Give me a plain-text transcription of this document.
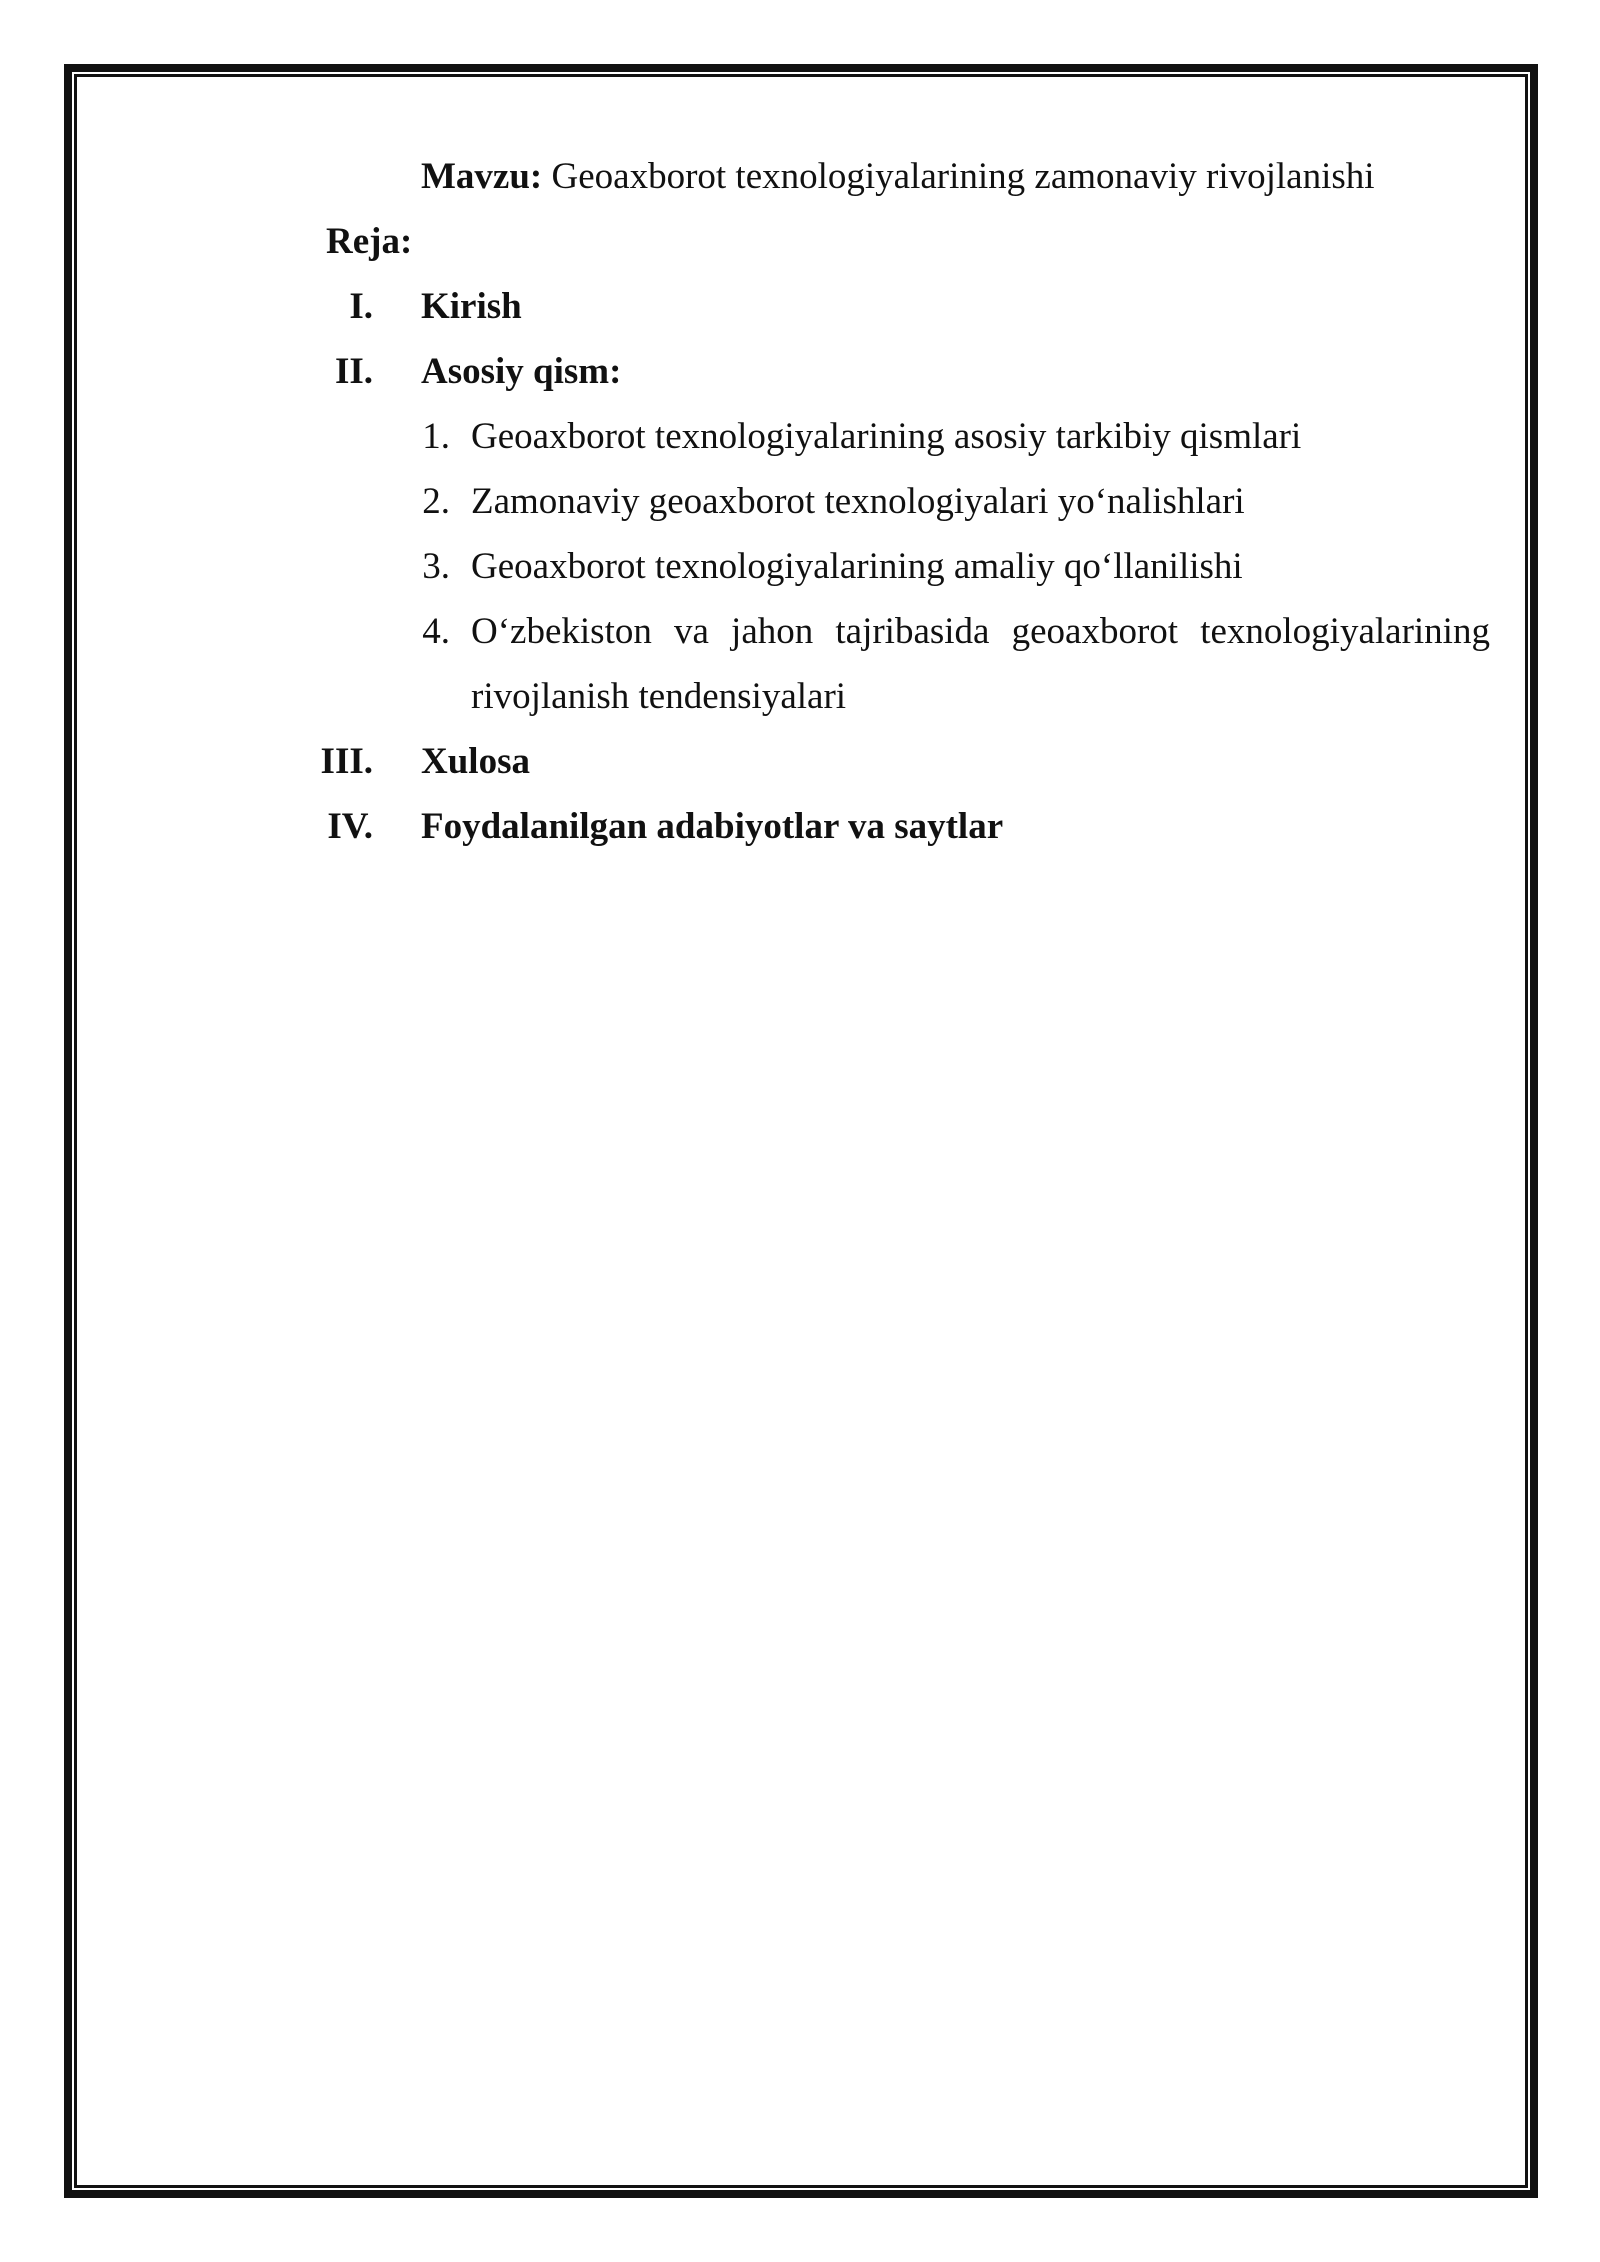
Mavzu: Geoaxborot texnologiyalarining zamonaviy rivojlanishi
Reja:
I. Kirish
II. Asosiy qism:
1. Geoaxborot texnologiyalarining asosiy tarkibiy qismlari
2. Zamonaviy geoaxborot texnologiyalari yo‘nalishlari
3. Geoaxborot texnologiyalarining amaliy qo‘llanilishi
4. O‘zbekiston va jahon tajribasida geoaxborot texnologiyalarining
rivojlanish tendensiyalari
III. Xulosa
IV. Foydalanilgan adabiyotlar va saytlar
